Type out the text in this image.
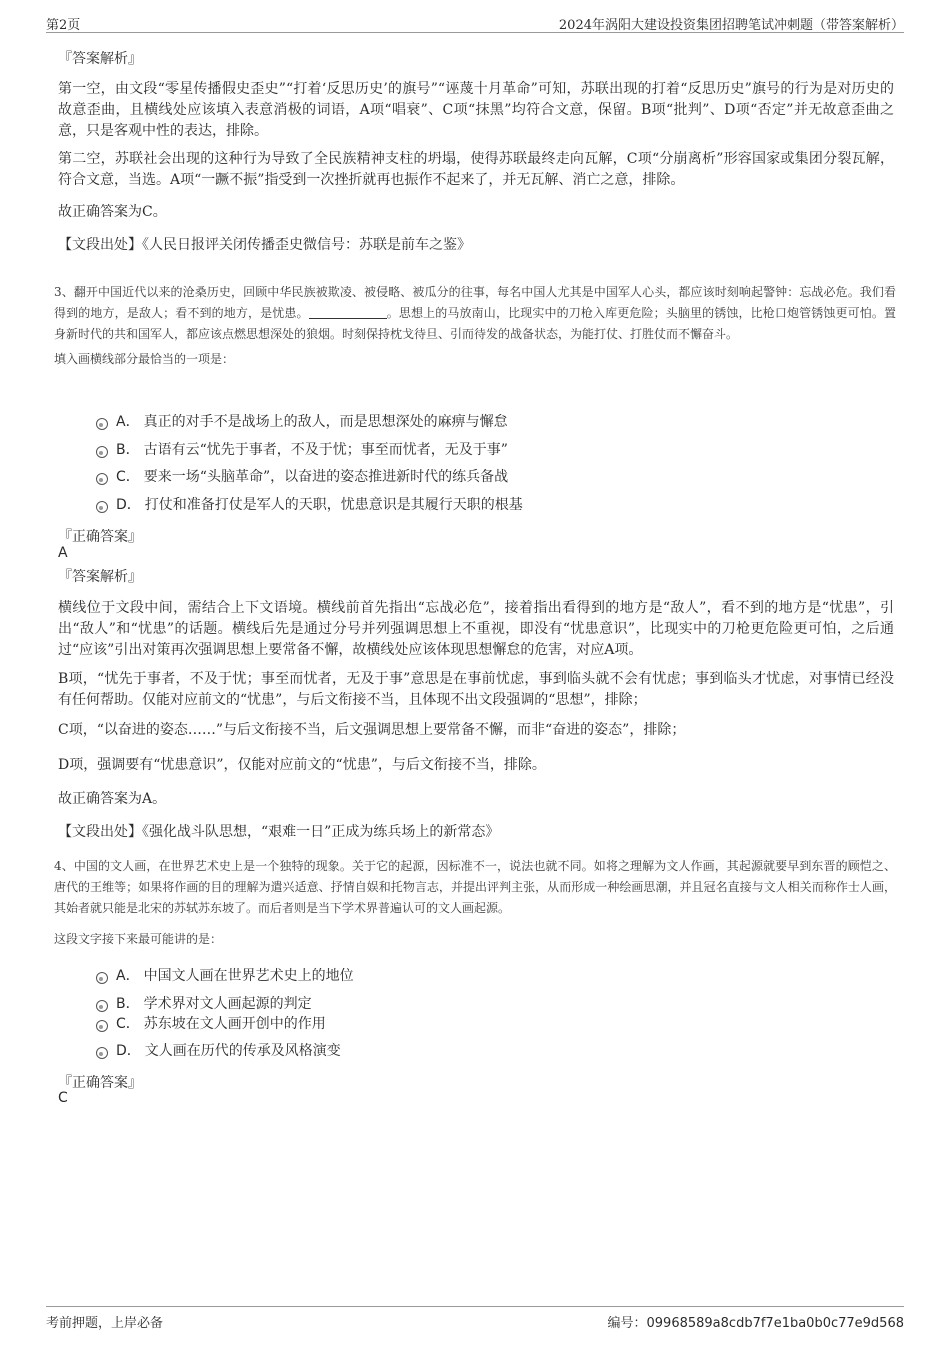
第2页	2024年涡阳大建设投资集团招聘笔试冲刺题（带答案解析）
『答案解析』
第一空，由文段“零星传播假史歪史”“打着‘反思历史’的旗号”“诬蔑十月革命”可知，苏联出现的打着“反思历史”旗号的行为是对历史的故意歪曲，且横线处应该填入表意消极的词语，A项“唱衰”、C项“抹黑”均符合文意，保留。B项“批判”、D项“否定”并无故意歪曲之意，只是客观中性的表达，排除。
第二空，苏联社会出现的这种行为导致了全民族精神支柱的坍塌，使得苏联最终走向瓦解，C项“分崩离析”形容国家或集团分裂瓦解，符合文意，当选。A项“一蹶不振”指受到一次挫折就再也振作不起来了，并无瓦解、消亡之意，排除。
故正确答案为C。
【文段出处】《人民日报评关闭传播歪史微信号：苏联是前车之鉴》
3、翻开中国近代以来的沧桑历史，回顾中华民族被欺凌、被侵略、被瓜分的往事，每名中国人尤其是中国军人心头，都应该时刻响起警钟：忘战必危。我们看得到的地方，是敌人；看不到的地方，是忧患。	。思想上的马放南山，比现实中的刀枪入库更危险；头脑里的锈蚀，比枪口炮管锈蚀更可怕。置身新时代的共和国军人，都应该点燃思想深处的狼烟。时刻保持枕戈待旦、引而待发的战备状态，为能打仗、打胜仗而不懈奋斗。
填入画横线部分最恰当的一项是：
A． 真正的对手不是战场上的敌人，而是思想深处的麻痹与懈怠
B． 古语有云“忧先于事者，不及于忧；事至而忧者，无及于事”
C． 要来一场“头脑革命”，以奋进的姿态推进新时代的练兵备战
D． 打仗和准备打仗是军人的天职，忧患意识是其履行天职的根基
『正确答案』
A
『答案解析』
横线位于文段中间，需结合上下文语境。横线前首先指出“忘战必危”，接着指出看得到的地方是“敌人”，看不到的地方是“忧患”，引出“敌人”和“忧患”的话题。横线后先是通过分号并列强调思想上不重视，即没有“忧患意识”，比现实中的刀枪更危险更可怕，之后通过“应该”引出对策再次强调思想上要常备不懈，故横线处应该体现思想懈怠的危害，对应A项。
B项，“忧先于事者，不及于忧；事至而忧者，无及于事”意思是在事前忧虑，事到临头就不会有忧虑；事到临头才忧虑，对事情已经没有任何帮助。仅能对应前文的“忧患”，与后文衔接不当，且体现不出文段强调的“思想”，排除；
C项，“以奋进的姿态……”与后文衔接不当，后文强调思想上要常备不懈，而非“奋进的姿态”，排除；
D项，强调要有“忧患意识”，仅能对应前文的“忧患”，与后文衔接不当，排除。
故正确答案为A。
【文段出处】《强化战斗队思想，“艰难一日”正成为练兵场上的新常态》
4、中国的文人画，在世界艺术史上是一个独特的现象。关于它的起源，因标准不一，说法也就不同。如将之理解为文人作画，其起源就要早到东晋的顾恺之、唐代的王维等；如果将作画的目的理解为遣兴适意、抒情自娱和托物言志，并提出评判主张，从而形成一种绘画思潮，并且冠名直接与文人相关而称作士人画，其始者就只能是北宋的苏轼苏东坡了。而后者则是当下学术界普遍认可的文人画起源。
这段文字接下来最可能讲的是：
A． 中国文人画在世界艺术史上的地位
B． 学术界对文人画起源的判定
C． 苏东坡在文人画开创中的作用
D． 文人画在历代的传承及风格演变
『正确答案』
C
考前押题，上岸必备	编号：09968589a8cdb7f7e1ba0b0c77e9d568
